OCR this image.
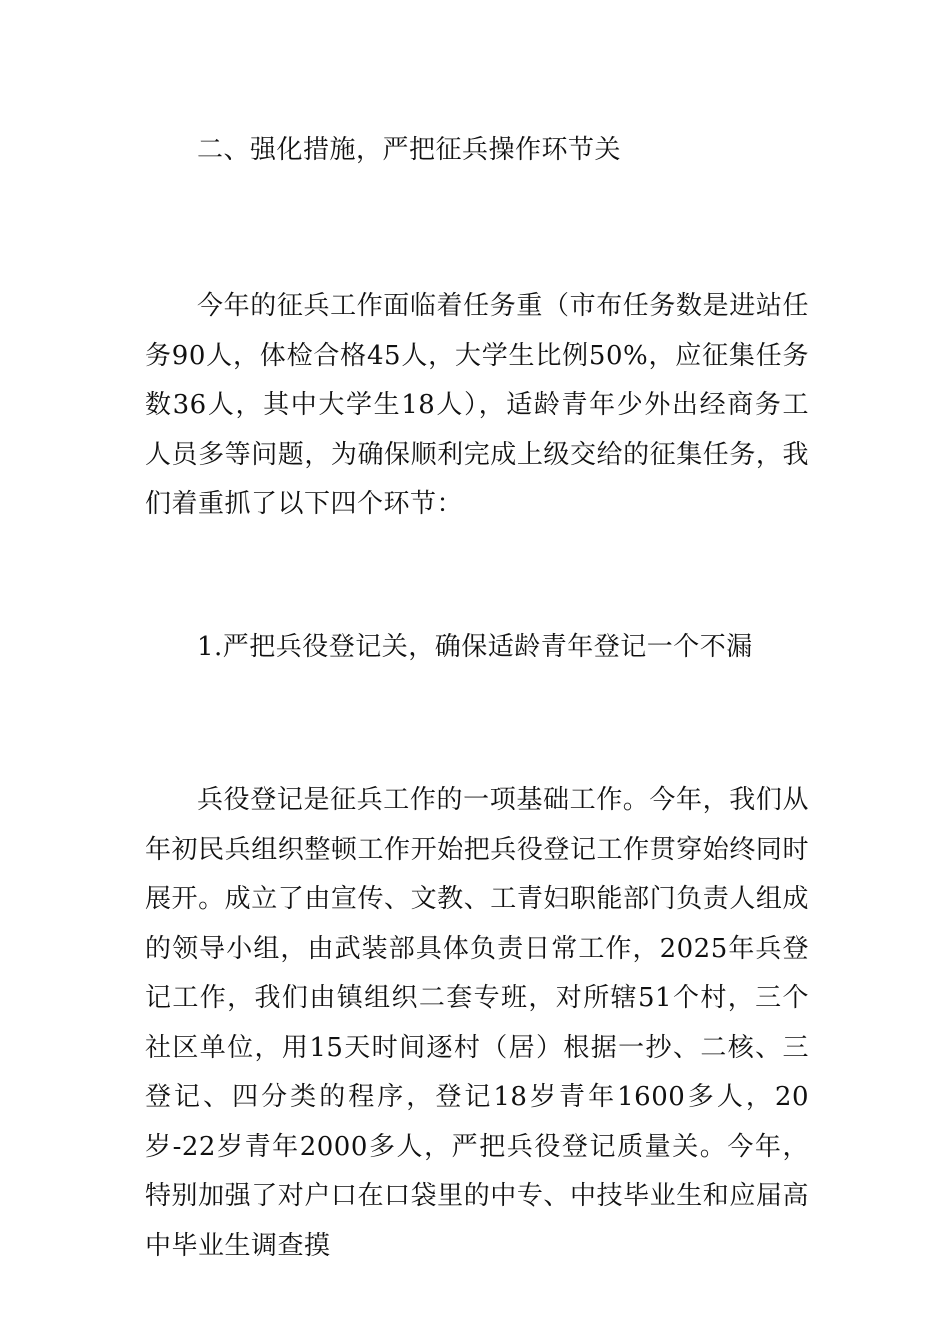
二、强化措施，严把征兵操作环节关

今年的征兵工作面临着任务重（市布任务数是进站任务90人，体检合格45人，大学生比例50%，应征集任务数36人，其中大学生18人），适龄青年少外出经商务工人员多等问题，为确保顺利完成上级交给的征集任务，我们着重抓了以下四个环节：

1.严把兵役登记关，确保适龄青年登记一个不漏

兵役登记是征兵工作的一项基础工作。今年，我们从年初民兵组织整顿工作开始把兵役登记工作贯穿始终同时展开。成立了由宣传、文教、工青妇职能部门负责人组成的领导小组，由武装部具体负责日常工作，2025年兵登记工作，我们由镇组织二套专班，对所辖51个村，三个社区单位，用15天时间逐村（居）根据一抄、二核、三登记、四分类的程序，登记18岁青年1600多人，20岁-22岁青年2000多人，严把兵役登记质量关。今年，特别加强了对户口在口袋里的中专、中技毕业生和应届高中毕业生调查摸
